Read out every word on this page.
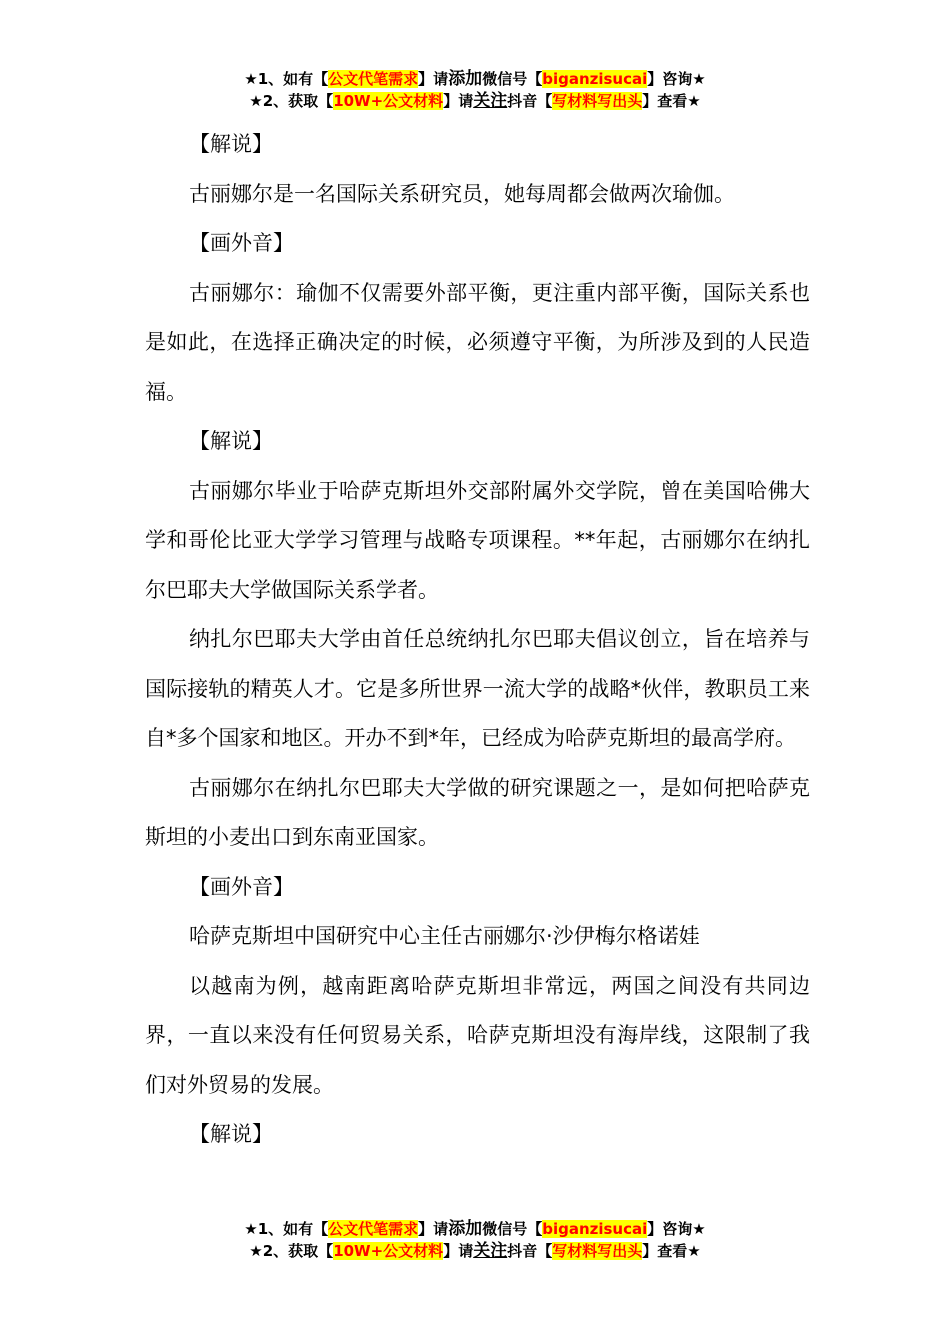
★1、如有【公文代笔需求】请添加微信号【biganzisucai】咨询★
★2、获取【10W+公文材料】请关注抖音【写材料写出头】查看★

【解说】

古丽娜尔是一名国际关系研究员，她每周都会做两次瑜伽。

【画外音】

古丽娜尔：瑜伽不仅需要外部平衡，更注重内部平衡，国际关系也是如此，在选择正确决定的时候，必须遵守平衡，为所涉及到的人民造福。

【解说】

古丽娜尔毕业于哈萨克斯坦外交部附属外交学院，曾在美国哈佛大学和哥伦比亚大学学习管理与战略专项课程。**年起，古丽娜尔在纳扎尔巴耶夫大学做国际关系学者。

纳扎尔巴耶夫大学由首任总统纳扎尔巴耶夫倡议创立，旨在培养与国际接轨的精英人才。它是多所世界一流大学的战略*伙伴，教职员工来自*多个国家和地区。开办不到*年，已经成为哈萨克斯坦的最高学府。

古丽娜尔在纳扎尔巴耶夫大学做的研究课题之一，是如何把哈萨克斯坦的小麦出口到东南亚国家。

【画外音】

哈萨克斯坦中国研究中心主任古丽娜尔·沙伊梅尔格诺娃

以越南为例，越南距离哈萨克斯坦非常远，两国之间没有共同边界，一直以来没有任何贸易关系，哈萨克斯坦没有海岸线，这限制了我们对外贸易的发展。

【解说】

★1、如有【公文代笔需求】请添加微信号【biganzisucai】咨询★
★2、获取【10W+公文材料】请关注抖音【写材料写出头】查看★
